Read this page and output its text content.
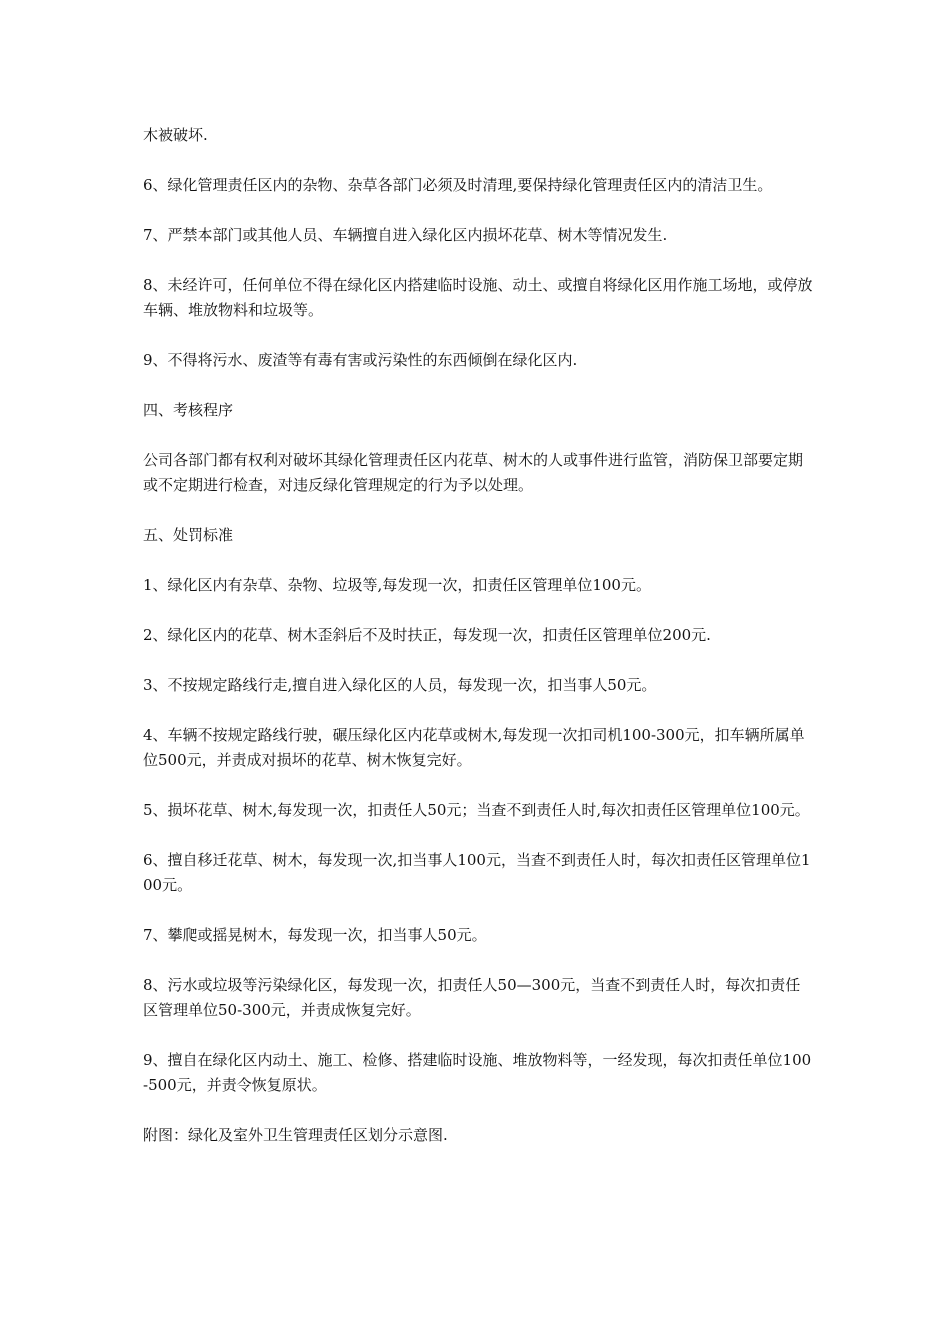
木被破坏.

6、绿化管理责任区内的杂物、杂草各部门必须及时清理,要保持绿化管理责任区内的清洁卫生。

7、严禁本部门或其他人员、车辆擅自进入绿化区内损坏花草、树木等情况发生.

8、未经许可，任何单位不得在绿化区内搭建临时设施、动土、或擅自将绿化区用作施工场地，或停放车辆、堆放物料和垃圾等。

9、不得将污水、废渣等有毒有害或污染性的东西倾倒在绿化区内.

四、考核程序

公司各部门都有权利对破坏其绿化管理责任区内花草、树木的人或事件进行监管，消防保卫部要定期或不定期进行检查，对违反绿化管理规定的行为予以处理。

五、处罚标准

1、绿化区内有杂草、杂物、垃圾等,每发现一次，扣责任区管理单位100元。

2、绿化区内的花草、树木歪斜后不及时扶正，每发现一次，扣责任区管理单位200元.

3、不按规定路线行走,擅自进入绿化区的人员，每发现一次，扣当事人50元。

4、车辆不按规定路线行驶，碾压绿化区内花草或树木,每发现一次扣司机100-300元，扣车辆所属单位500元，并责成对损坏的花草、树木恢复完好。

5、损坏花草、树木,每发现一次，扣责任人50元；当查不到责任人时,每次扣责任区管理单位100元。

6、擅自移迁花草、树木，每发现一次,扣当事人100元，当查不到责任人时，每次扣责任区管理单位100元。

7、攀爬或摇晃树木，每发现一次，扣当事人50元。

8、污水或垃圾等污染绿化区，每发现一次，扣责任人50—300元，当查不到责任人时，每次扣责任区管理单位50-300元，并责成恢复完好。

9、擅自在绿化区内动土、施工、检修、搭建临时设施、堆放物料等，一经发现，每次扣责任单位100-500元，并责令恢复原状。

附图：绿化及室外卫生管理责任区划分示意图.
